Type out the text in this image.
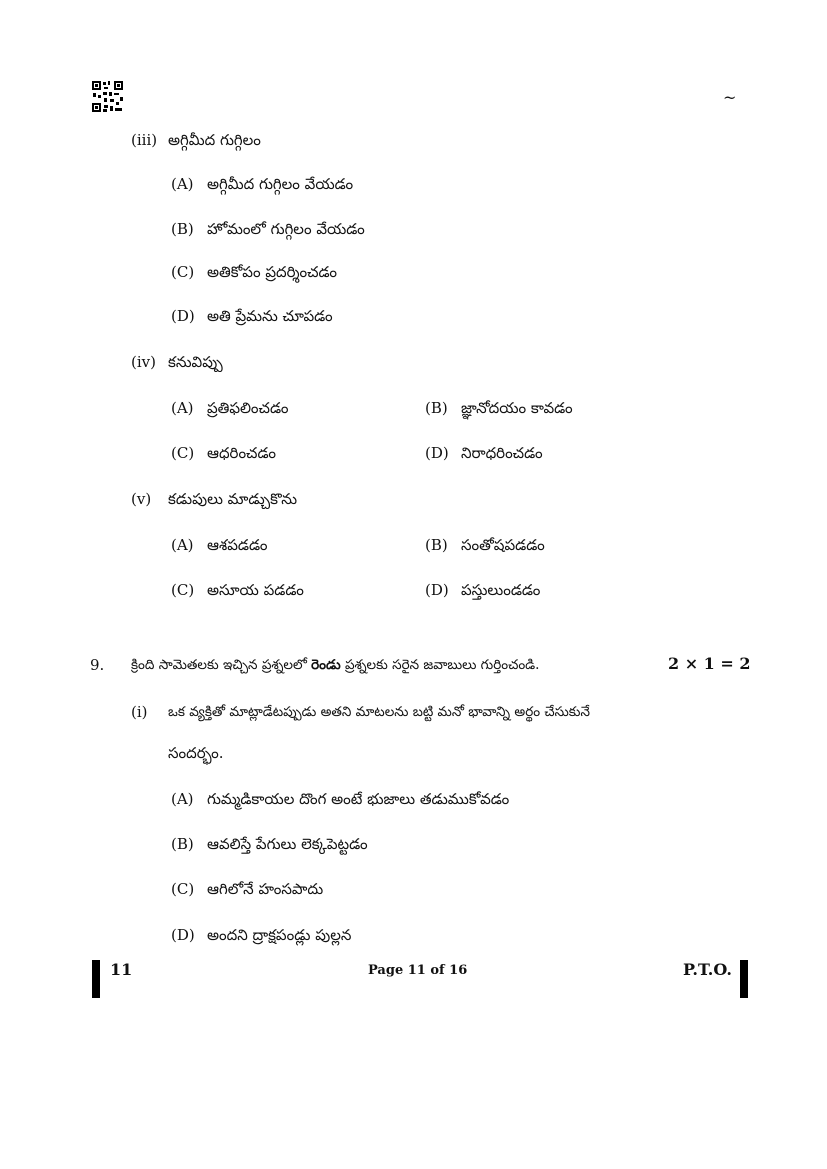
~
(iii) అగ్గిమీద గుగ్గిలం
(A) అగ్గిమీద గుగ్గిలం వేయడం
(B) హోమంలో గుగ్గిలం వేయడం
(C) అతికోపం ప్రదర్శించడం
(D) అతి ప్రేమను చూపడం
(iv) కనువిప్పు
(A) ప్రతిఫలించడం	(B) జ్ఞానోదయం కావడం
(C) ఆధరించడం	(D) నిరాధరించడం
(v) కడుపులు మాడ్చుకొను
(A) ఆశపడడం	(B) సంతోషపడడం
(C) అసూయ పడడం	(D) పస్తులుండడం
9. క్రింది సామెతలకు ఇచ్చిన ప్రశ్నలలో రెండు ప్రశ్నలకు సరైన జవాబులు గుర్తించండి.	2 × 1 = 2
(i) ఒక వ్యక్తితో మాట్లాడేటప్పుడు అతని మాటలను బట్టి మనో భావాన్ని అర్థం చేసుకునే
సందర్భం.
(A) గుమ్మడికాయల దొంగ అంటే భుజాలు తడుముకోవడం
(B) ఆవలిస్తే పేగులు లెక్కపెట్టడం
(C) ఆగిలోనే హంసపాదు
(D) అందని ద్రాక్షపండ్లు పుల్లన
11	Page 11 of 16	P.T.O.
